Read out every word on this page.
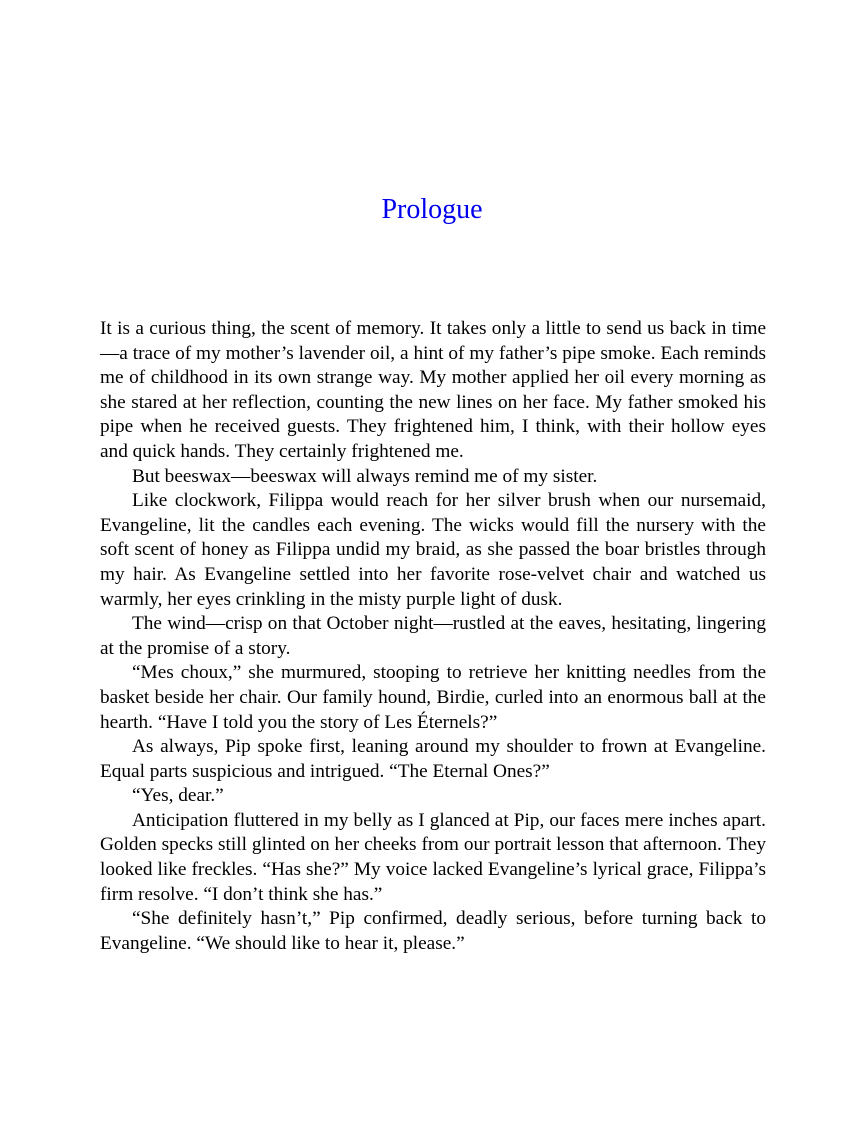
Prologue

It is a curious thing, the scent of memory. It takes only a little to send us back in time—a trace of my mother’s lavender oil, a hint of my father’s pipe smoke. Each reminds me of childhood in its own strange way. My mother applied her oil every morning as she stared at her reflection, counting the new lines on her face. My father smoked his pipe when he received guests. They frightened him, I think, with their hollow eyes and quick hands. They certainly frightened me.

But beeswax—beeswax will always remind me of my sister.

Like clockwork, Filippa would reach for her silver brush when our nursemaid, Evangeline, lit the candles each evening. The wicks would fill the nursery with the soft scent of honey as Filippa undid my braid, as she passed the boar bristles through my hair. As Evangeline settled into her favorite rose-velvet chair and watched us warmly, her eyes crinkling in the misty purple light of dusk.

The wind—crisp on that October night—rustled at the eaves, hesitating, lingering at the promise of a story.

“Mes choux,” she murmured, stooping to retrieve her knitting needles from the basket beside her chair. Our family hound, Birdie, curled into an enormous ball at the hearth. “Have I told you the story of Les Éternels?”

As always, Pip spoke first, leaning around my shoulder to frown at Evangeline. Equal parts suspicious and intrigued. “The Eternal Ones?”

“Yes, dear.”

Anticipation fluttered in my belly as I glanced at Pip, our faces mere inches apart. Golden specks still glinted on her cheeks from our portrait lesson that afternoon. They looked like freckles. “Has she?” My voice lacked Evangeline’s lyrical grace, Filippa’s firm resolve. “I don’t think she has.”

“She definitely hasn’t,” Pip confirmed, deadly serious, before turning back to Evangeline. “We should like to hear it, please.”
